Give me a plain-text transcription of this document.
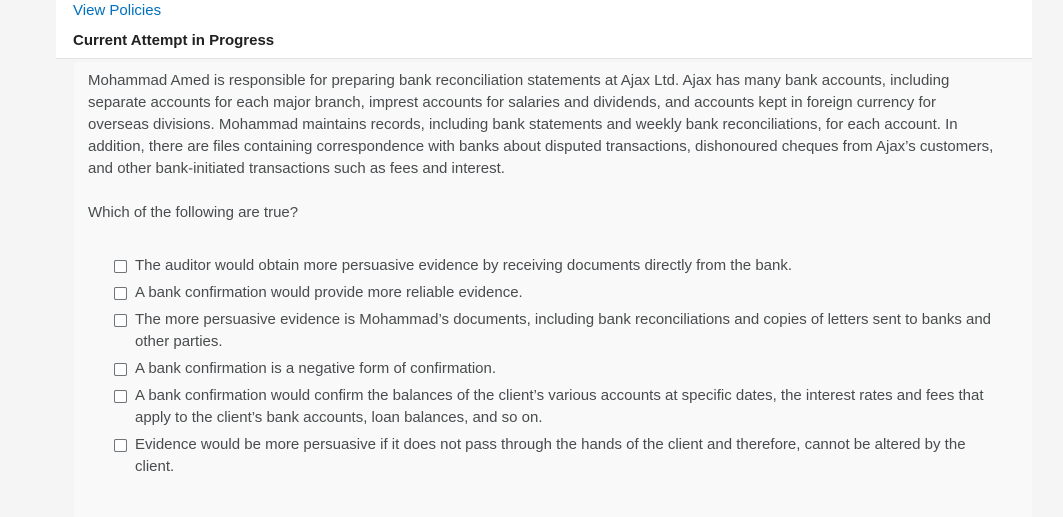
View Policies
Current Attempt in Progress

Mohammad Amed is responsible for preparing bank reconciliation statements at Ajax Ltd. Ajax has many bank accounts, including separate accounts for each major branch, imprest accounts for salaries and dividends, and accounts kept in foreign currency for overseas divisions. Mohammad maintains records, including bank statements and weekly bank reconciliations, for each account. In addition, there are files containing correspondence with banks about disputed transactions, dishonoured cheques from Ajax’s customers, and other bank-initiated transactions such as fees and interest.

Which of the following are true?

The auditor would obtain more persuasive evidence by receiving documents directly from the bank.
A bank confirmation would provide more reliable evidence.
The more persuasive evidence is Mohammad’s documents, including bank reconciliations and copies of letters sent to banks and other parties.
A bank confirmation is a negative form of confirmation.
A bank confirmation would confirm the balances of the client’s various accounts at specific dates, the interest rates and fees that apply to the client’s bank accounts, loan balances, and so on.
Evidence would be more persuasive if it does not pass through the hands of the client and therefore, cannot be altered by the client.
